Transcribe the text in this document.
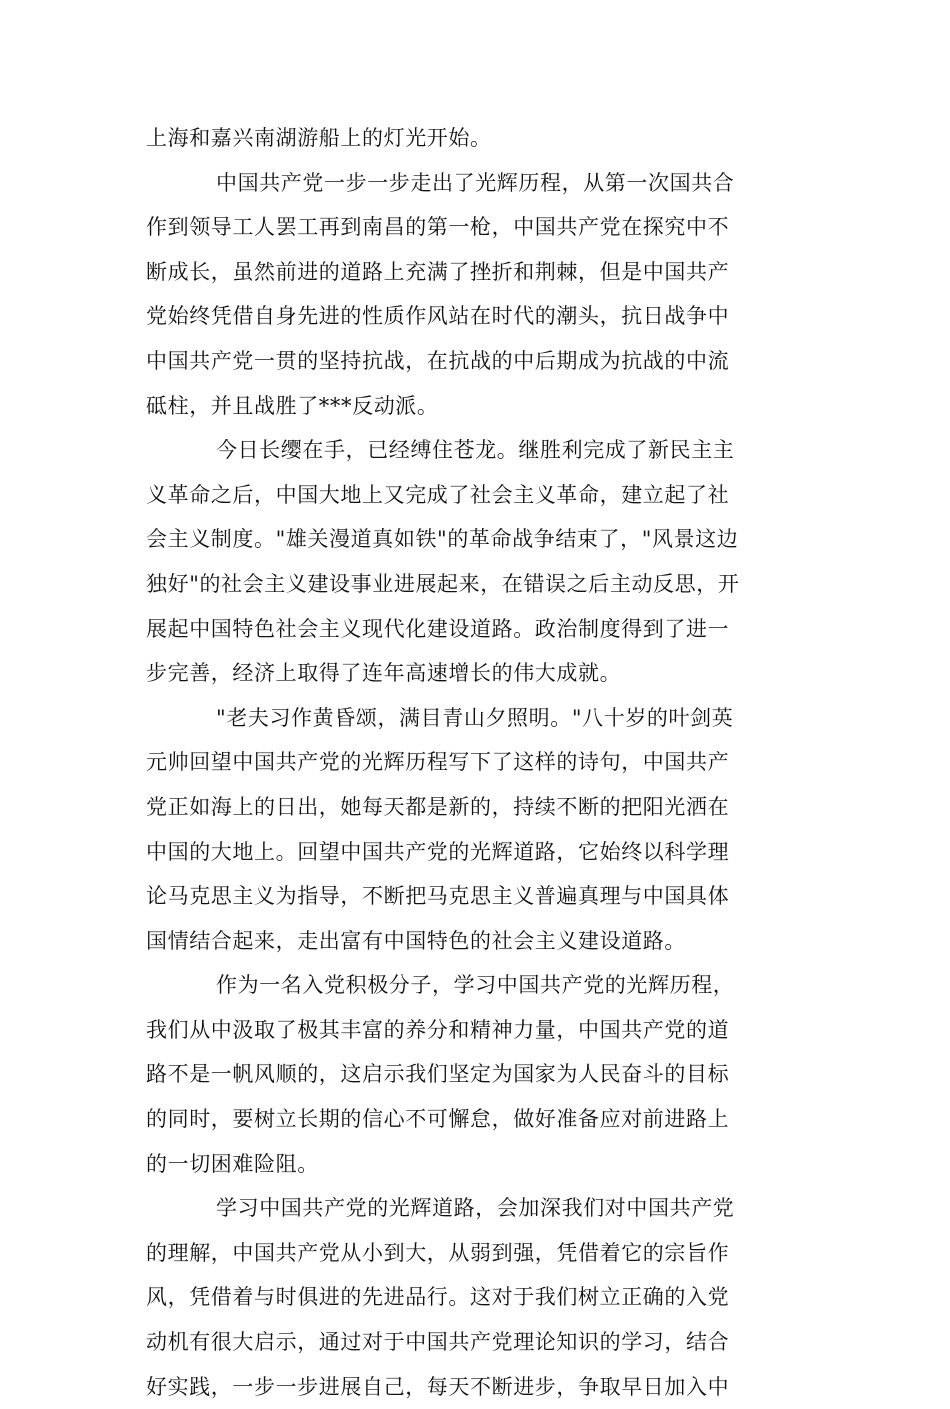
上海和嘉兴南湖游船上的灯光开始。
中国共产党一步一步走出了光辉历程，从第一次国共合
作到领导工人罢工再到南昌的第一枪，中国共产党在探究中不
断成长，虽然前进的道路上充满了挫折和荆棘，但是中国共产
党始终凭借自身先进的性质作风站在时代的潮头，抗日战争中
中国共产党一贯的坚持抗战，在抗战的中后期成为抗战的中流
砥柱，并且战胜了***反动派。
今日长缨在手，已经缚住苍龙。继胜利完成了新民主主
义革命之后，中国大地上又完成了社会主义革命，建立起了社
会主义制度。"雄关漫道真如铁"的革命战争结束了，"风景这边
独好"的社会主义建设事业进展起来，在错误之后主动反思，开
展起中国特色社会主义现代化建设道路。政治制度得到了进一
步完善，经济上取得了连年高速增长的伟大成就。
"老夫习作黄昏颂，满目青山夕照明。"八十岁的叶剑英
元帅回望中国共产党的光辉历程写下了这样的诗句，中国共产
党正如海上的日出，她每天都是新的，持续不断的把阳光洒在
中国的大地上。回望中国共产党的光辉道路，它始终以科学理
论马克思主义为指导，不断把马克思主义普遍真理与中国具体
国情结合起来，走出富有中国特色的社会主义建设道路。
作为一名入党积极分子，学习中国共产党的光辉历程，
我们从中汲取了极其丰富的养分和精神力量，中国共产党的道
路不是一帆风顺的，这启示我们坚定为国家为人民奋斗的目标
的同时，要树立长期的信心不可懈怠，做好准备应对前进路上
的一切困难险阻。
学习中国共产党的光辉道路，会加深我们对中国共产党
的理解，中国共产党从小到大，从弱到强，凭借着它的宗旨作
风，凭借着与时俱进的先进品行。这对于我们树立正确的入党
动机有很大启示，通过对于中国共产党理论知识的学习，结合
好实践，一步一步进展自己，每天不断进步，争取早日加入中
